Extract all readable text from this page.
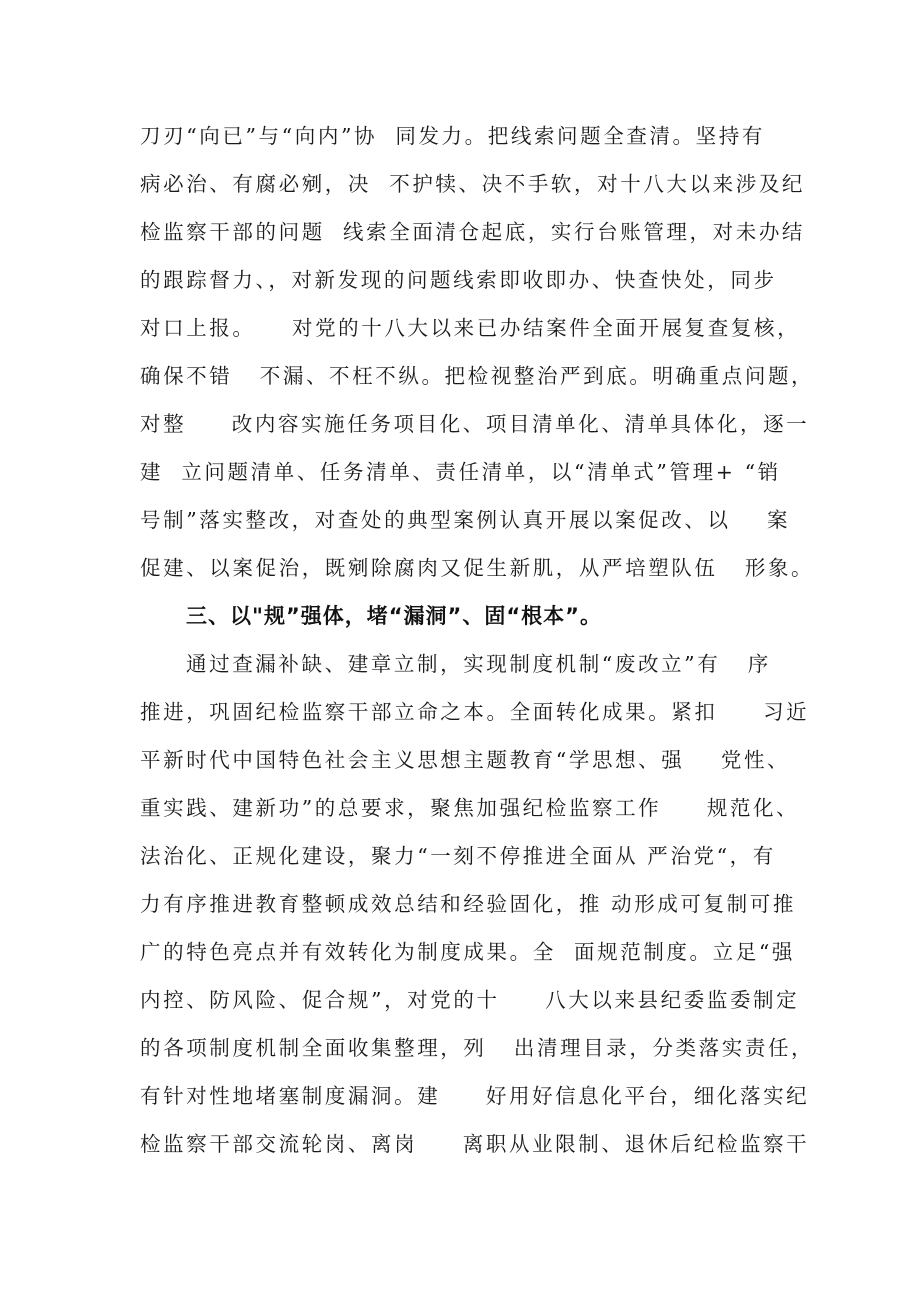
刀刃“向已”与“向内”协  同发力。把线索问题全查清。坚持有
病必治、有腐必剜，决  不护犊、决不手软，对十八大以来涉及纪
检监察干部的问题  线索全面清仓起底，实行台账管理，对未办结
的跟踪督力、，对新发现的问题线索即收即办、快查快处，同步
对口上报。    对党的十八大以来已办结案件全面开展复查复核，
确保不错   不漏、不枉不纵。把检视整治严到底。明确重点问题，
对整     改内容实施任务项目化、项目清单化、清单具体化，逐一
建  立问题清单、任务清单、责任清单，以“清单式”管理+ “销
号制”落实整改，对查处的典型案例认真开展以案促改、以    案
促建、以案促治，既剜除腐肉又促生新肌，从严培塑队伍   形象。
三、以"规”强体，堵“漏洞”、固“根本”。
通过查漏补缺、建章立制，实现制度机制“废改立”有   序
推进，巩固纪检监察干部立命之本。全面转化成果。紧扣     习近
平新时代中国特色社会主义思想主题教育“学思想、强    党性、
重实践、建新功”的总要求，聚焦加强纪检监察工作     规范化、
法治化、正规化建设，聚力“一刻不停推进全面从 严治党“，有
力有序推进教育整顿成效总结和经验固化，推 动形成可复制可推
广的特色亮点并有效转化为制度成果。全  面规范制度。立足“强
内控、防风险、促合规”，对党的十     八大以来县纪委监委制定
的各项制度机制全面收集整理，列   出清理目录，分类落实责任，
有针对性地堵塞制度漏洞。建     好用好信息化平台，细化落实纪
检监察干部交流轮岗、离岗     离职从业限制、退休后纪检监察干
